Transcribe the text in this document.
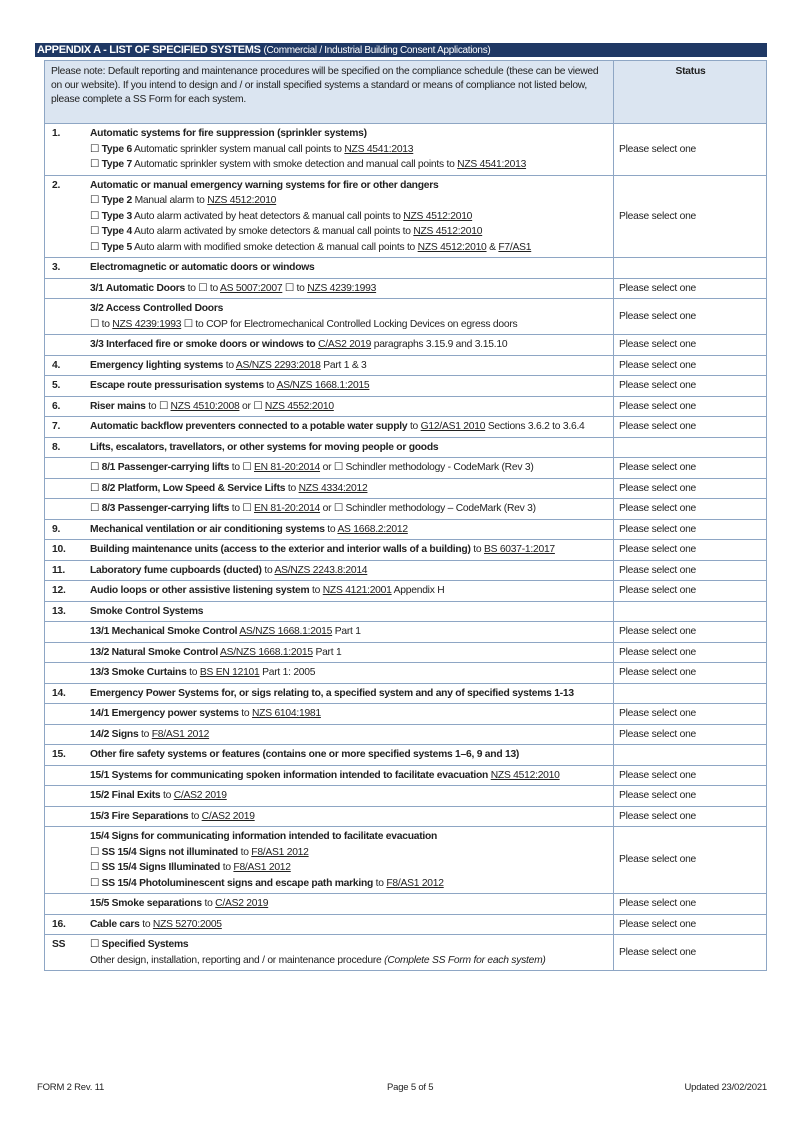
APPENDIX A - LIST OF SPECIFIED SYSTEMS (Commercial / Industrial Building Consent Applications)
Please note: Default reporting and maintenance procedures will be specified on the compliance schedule (these can be viewed on our website). If you intend to design and / or install specified systems a standard or means of compliance not listed below, please complete a SS Form for each system.		Status
1.	Automatic systems for fire suppression (sprinkler systems)
☐ Type 6 Automatic sprinkler system manual call points to NZS 4541:2013
☐ Type 7 Automatic sprinkler system with smoke detection and manual call points to NZS 4541:2013	Please select one
2.	Automatic or manual emergency warning systems for fire or other dangers
☐ Type 2 Manual alarm to NZS 4512:2010
☐ Type 3 Auto alarm activated by heat detectors & manual call points to NZS 4512:2010
☐ Type 4 Auto alarm activated by smoke detectors & manual call points to NZS 4512:2010
☐ Type 5 Auto alarm with modified smoke detection & manual call points to NZS 4512:2010 & F7/AS1	Please select one
3.	Electromagnetic or automatic doors or windows	

	3/1 Automatic Doors to ☐ to AS 5007:2007 ☐ to NZS 4239:1993	Please select one

	3/2 Access Controlled Doors
☐ to NZS 4239:1993 ☐ to COP for Electromechanical Controlled Locking Devices on egress doors	Please select one

	3/3 Interfaced fire or smoke doors or windows to C/AS2 2019 paragraphs 3.15.9 and 3.15.10	Please select one
4.	Emergency lighting systems to AS/NZS 2293:2018 Part 1 & 3	Please select one
5.	Escape route pressurisation systems to AS/NZS 1668.1:2015	Please select one
6.	Riser mains to ☐ NZS 4510:2008 or ☐ NZS 4552:2010	Please select one
7.	Automatic backflow preventers connected to a potable water supply to G12/AS1 2010 Sections 3.6.2 to 3.6.4	Please select one
8.	Lifts, escalators, travellators, or other systems for moving people or goods	

	☐ 8/1 Passenger-carrying lifts to ☐ EN 81-20:2014 or ☐ Schindler methodology - CodeMark (Rev 3)	Please select one

	☐ 8/2 Platform, Low Speed & Service Lifts to NZS 4334:2012	Please select one

	☐ 8/3 Passenger-carrying lifts to ☐ EN 81-20:2014 or ☐ Schindler methodology – CodeMark (Rev 3)	Please select one
9.	Mechanical ventilation or air conditioning systems to AS 1668.2:2012	Please select one
10.	Building maintenance units (access to the exterior and interior walls of a building) to BS 6037-1:2017	Please select one
11.	Laboratory fume cupboards (ducted) to AS/NZS 2243.8:2014	Please select one
12.	Audio loops or other assistive listening system to NZS 4121:2001 Appendix H	Please select one
13.	Smoke Control Systems	

	13/1 Mechanical Smoke Control AS/NZS 1668.1:2015 Part 1	Please select one

	13/2 Natural Smoke Control AS/NZS 1668.1:2015 Part 1	Please select one

	13/3 Smoke Curtains to BS EN 12101 Part 1: 2005	Please select one
14.	Emergency Power Systems for, or sigs relating to, a specified system and any of specified systems 1-13	

	14/1 Emergency power systems to NZS 6104:1981	Please select one

	14/2 Signs to F8/AS1 2012	Please select one
15.	Other fire safety systems or features (contains one or more specified systems 1–6, 9 and 13)	

	15/1 Systems for communicating spoken information intended to facilitate evacuation NZS 4512:2010	Please select one

	15/2 Final Exits to C/AS2 2019	Please select one

	15/3 Fire Separations to C/AS2 2019	Please select one

	15/4 Signs for communicating information intended to facilitate evacuation
☐ SS 15/4 Signs not illuminated to F8/AS1 2012
☐ SS 15/4 Signs Illuminated to F8/AS1 2012
☐ SS 15/4 Photoluminescent signs and escape path marking to F8/AS1 2012	Please select one

	15/5 Smoke separations to C/AS2 2019	Please select one
16.	Cable cars to NZS 5270:2005	Please select one
SS	☐ Specified Systems
Other design, installation, reporting and / or maintenance procedure (Complete SS Form for each system)	Please select one
FORM 2 Rev. 11	Page 5 of 5	Updated 23/02/2021
